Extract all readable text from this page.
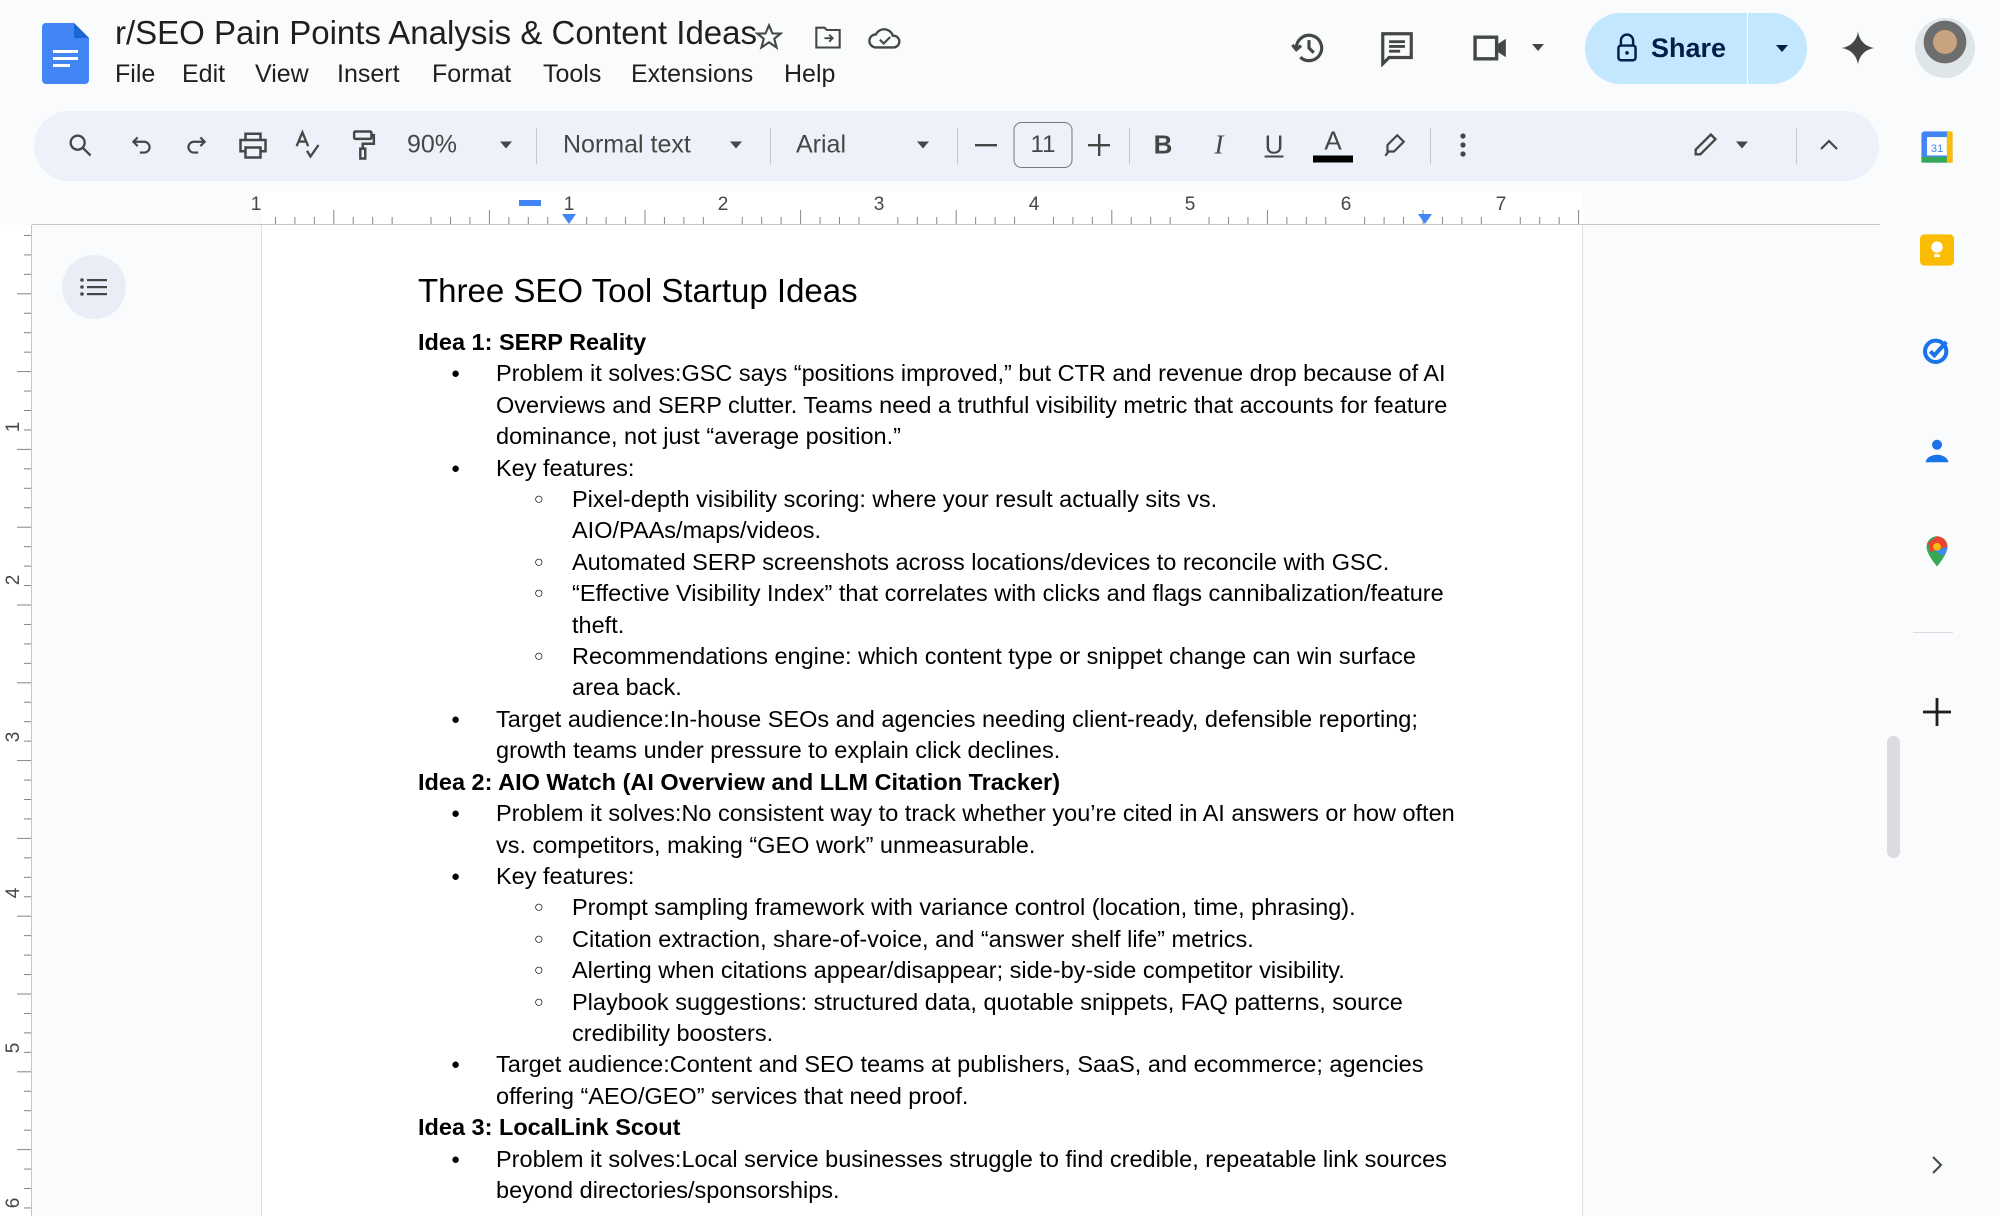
r/SEO Pain Points Analysis & Content Ideas
File Edit View Insert Format Tools Extensions Help
Share
90%	Normal text	Arial	11	B I U A
1	1	2	3	4	5	6	7
1
2
3
4
5
6
Three SEO Tool Startup Ideas
Idea 1: SERP Reality
● Problem it solves:GSC says “positions improved,” but CTR and revenue drop because of AI Overviews and SERP clutter. Teams need a truthful visibility metric that accounts for feature dominance, not just “average position.”
● Key features:
○ Pixel-depth visibility scoring: where your result actually sits vs. AIO/PAAs/maps/videos.
○ Automated SERP screenshots across locations/devices to reconcile with GSC.
○ “Effective Visibility Index” that correlates with clicks and flags cannibalization/feature theft.
○ Recommendations engine: which content type or snippet change can win surface area back.
● Target audience:In-house SEOs and agencies needing client-ready, defensible reporting; growth teams under pressure to explain click declines.
Idea 2: AIO Watch (AI Overview and LLM Citation Tracker)
● Problem it solves:No consistent way to track whether you’re cited in AI answers or how often vs. competitors, making “GEO work” unmeasurable.
● Key features:
○ Prompt sampling framework with variance control (location, time, phrasing).
○ Citation extraction, share-of-voice, and “answer shelf life” metrics.
○ Alerting when citations appear/disappear; side-by-side competitor visibility.
○ Playbook suggestions: structured data, quotable snippets, FAQ patterns, source credibility boosters.
● Target audience:Content and SEO teams at publishers, SaaS, and ecommerce; agencies offering “AEO/GEO” services that need proof.
Idea 3: LocalLink Scout
● Problem it solves:Local service businesses struggle to find credible, repeatable link sources beyond directories/sponsorships.
31
